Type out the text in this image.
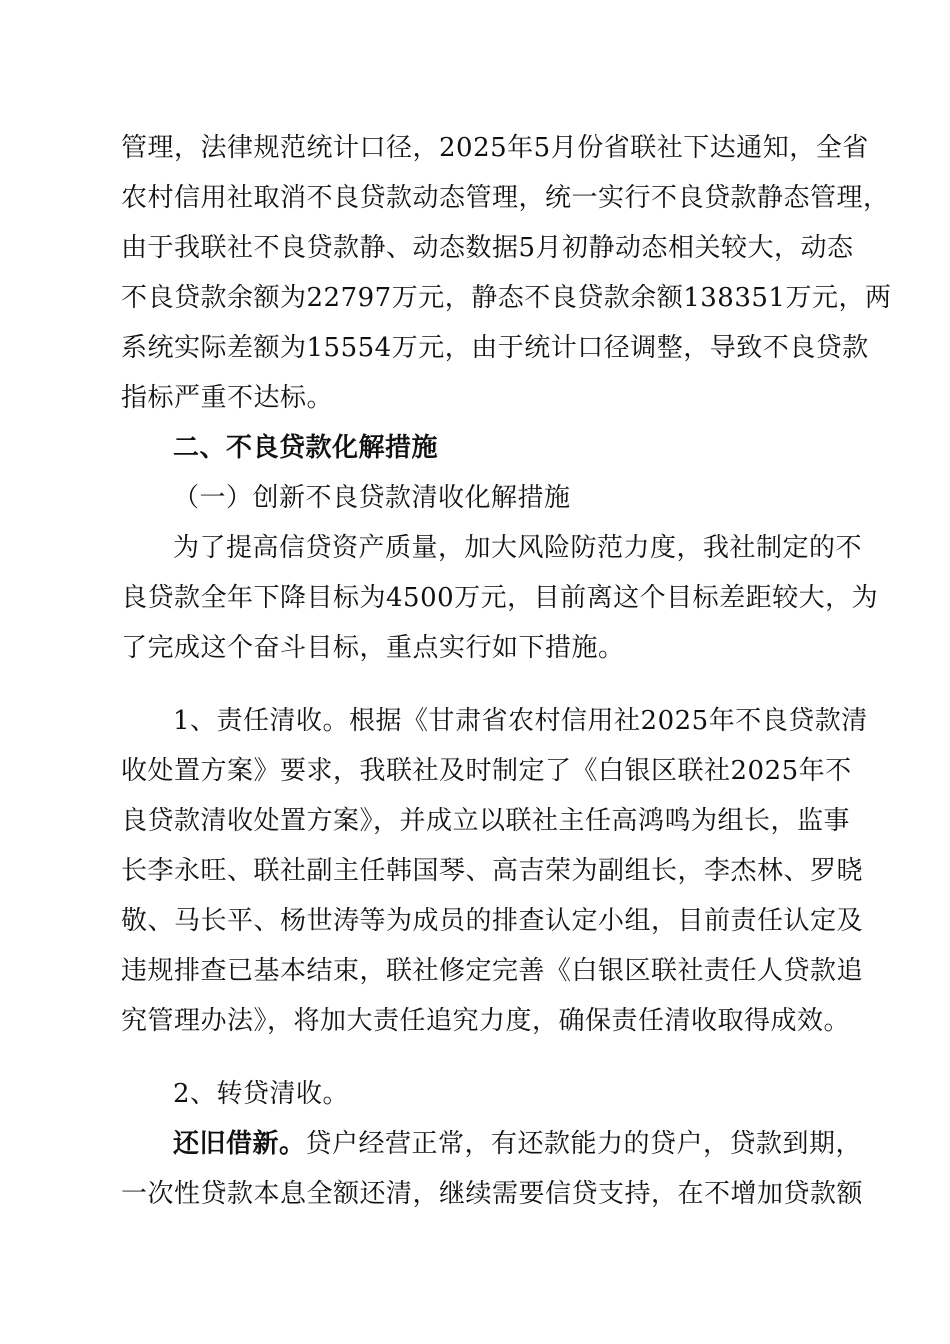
管理，法律规范统计口径，2025年5月份省联社下达通知，全省

农村信用社取消不良贷款动态管理，统一实行不良贷款静态管理，

由于我联社不良贷款静、动态数据5月初静动态相关较大，动态

不良贷款余额为22797万元，静态不良贷款余额138351万元，两

系统实际差额为15554万元，由于统计口径调整，导致不良贷款

指标严重不达标。

二、不良贷款化解措施

（一）创新不良贷款清收化解措施

为了提高信贷资产质量，加大风险防范力度，我社制定的不

良贷款全年下降目标为4500万元，目前离这个目标差距较大，为

了完成这个奋斗目标，重点实行如下措施。

1、责任清收。根据《甘肃省农村信用社2025年不良贷款清

收处置方案》要求，我联社及时制定了《白银区联社2025年不

良贷款清收处置方案》，并成立以联社主任高鸿鸣为组长，监事

长李永旺、联社副主任韩国琴、高吉荣为副组长，李杰林、罗晓

敬、马长平、杨世涛等为成员的排查认定小组，目前责任认定及

违规排查已基本结束，联社修定完善《白银区联社责任人贷款追

究管理办法》，将加大责任追究力度，确保责任清收取得成效。

2、转贷清收。

还旧借新。贷户经营正常，有还款能力的贷户，贷款到期，

一次性贷款本息全额还清，继续需要信贷支持，在不增加贷款额
